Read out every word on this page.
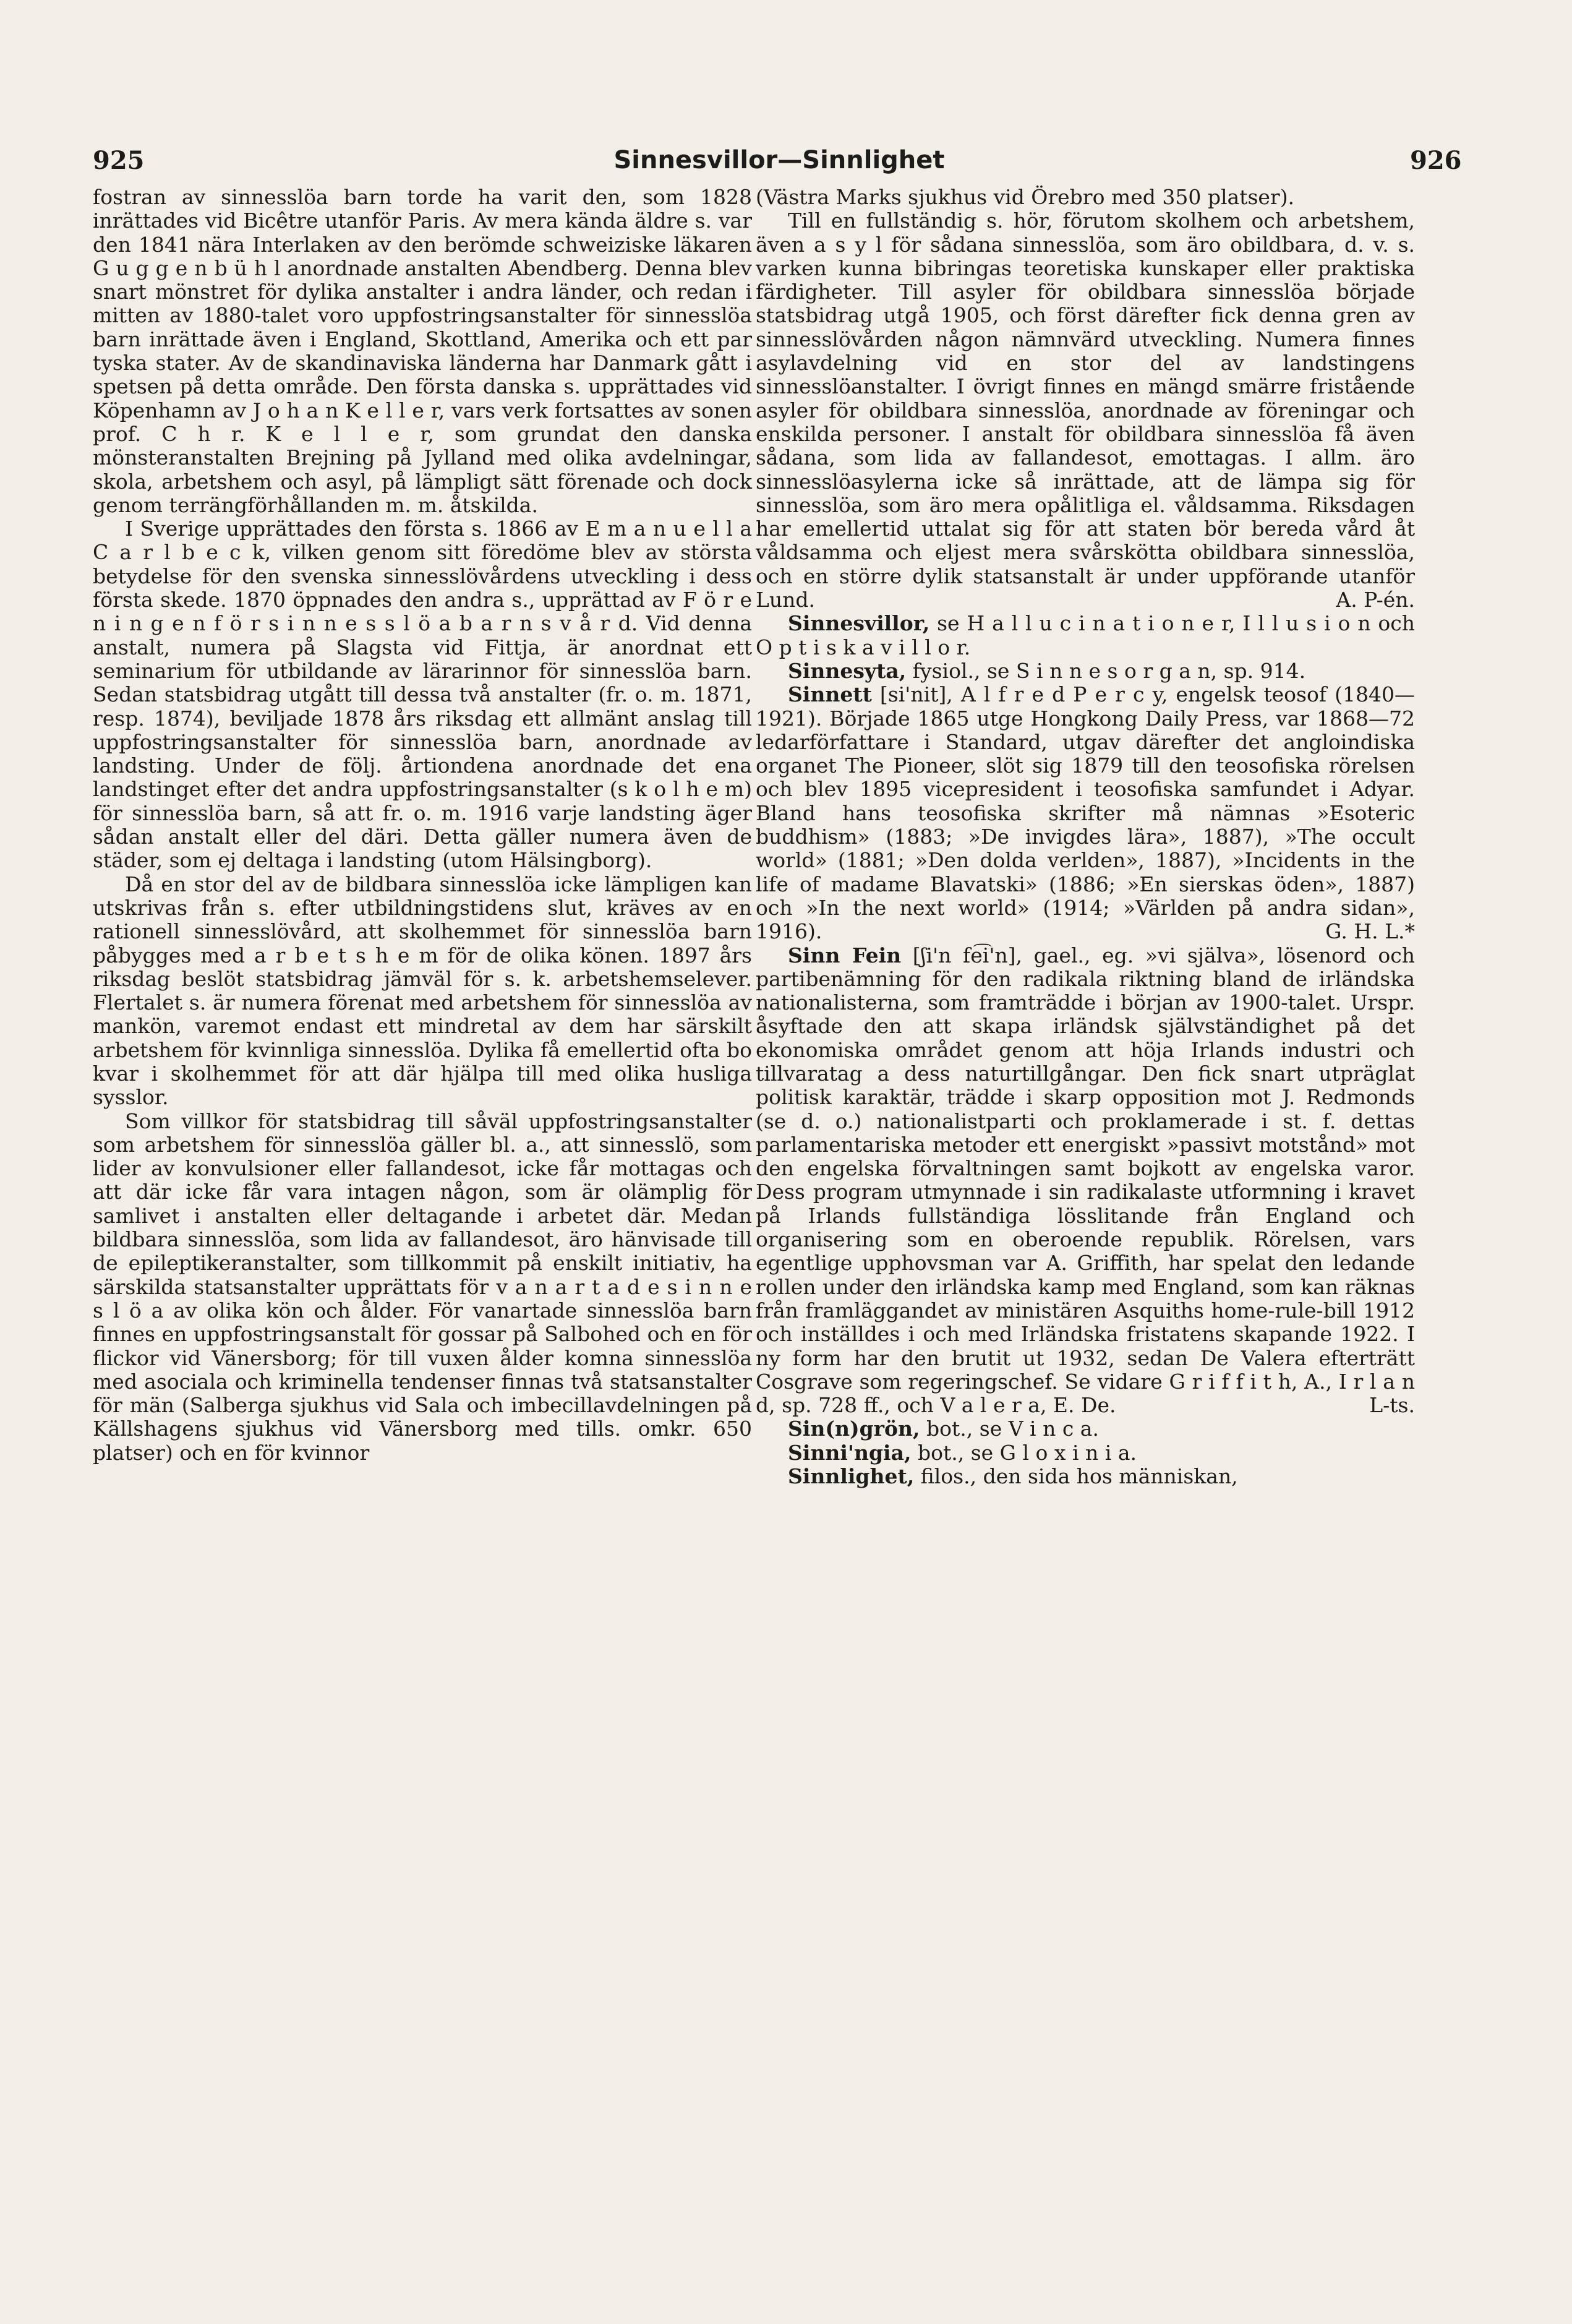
925	Sinnesvillor—Sinnlighet	926

fostran av sinnesslöa barn torde ha varit den, som 1828 inrättades vid Bicêtre utanför Paris. Av mera kända äldre s. var den 1841 nära Interlaken av den berömde schweiziske läkaren G u g g e n b ü h l anordnade anstalten Abendberg. Denna blev snart mönstret för dylika anstalter i andra länder, och redan i mitten av 1880-talet voro uppfostringsanstalter för sinnesslöa barn inrättade även i England, Skottland, Amerika och ett par tyska stater. Av de skandinaviska länderna har Danmark gått i spetsen på detta område. Den första danska s. upprättades vid Köpenhamn av J o h a n K e l l e r, vars verk fortsattes av sonen prof. C h r. K e l l e r, som grundat den danska mönsteranstalten Brejning på Jylland med olika avdelningar, skola, arbetshem och asyl, på lämpligt sätt förenade och dock genom terrängförhållanden m. m. åtskilda.

I Sverige upprättades den första s. 1866 av E m a n u e l l a C a r l b e c k, vilken genom sitt föredöme blev av största betydelse för den svenska sinnesslövårdens utveckling i dess första skede. 1870 öppnades den andra s., upprättad av F ö r e n i n g e n f ö r s i n n e s s l ö a b a r n s v å r d. Vid denna anstalt, numera på Slagsta vid Fittja, är anordnat ett seminarium för utbildande av lärarinnor för sinnesslöa barn. Sedan statsbidrag utgått till dessa två anstalter (fr. o. m. 1871, resp. 1874), beviljade 1878 års riksdag ett allmänt anslag till uppfostringsanstalter för sinnesslöa barn, anordnade av landsting. Under de följ. årtiondena anordnade det ena landstinget efter det andra uppfostringsanstalter (s k o l h e m) för sinnesslöa barn, så att fr. o. m. 1916 varje landsting äger sådan anstalt eller del däri. Detta gäller numera även de städer, som ej deltaga i landsting (utom Hälsingborg).

Då en stor del av de bildbara sinnesslöa icke lämpligen kan utskrivas från s. efter utbildningstidens slut, kräves av en rationell sinnesslövård, att skolhemmet för sinnesslöa barn påbygges med a r b e t s h e m för de olika könen. 1897 års riksdag beslöt statsbidrag jämväl för s. k. arbetshemselever. Flertalet s. är numera förenat med arbetshem för sinnesslöa av mankön, varemot endast ett mindretal av dem har särskilt arbetshem för kvinnliga sinnesslöa. Dylika få emellertid ofta bo kvar i skolhemmet för att där hjälpa till med olika husliga sysslor.

Som villkor för statsbidrag till såväl uppfostringsanstalter som arbetshem för sinnesslöa gäller bl. a., att sinnesslö, som lider av konvulsioner eller fallandesot, icke får mottagas och att där icke får vara intagen någon, som är olämplig för samlivet i anstalten eller deltagande i arbetet där. Medan bildbara sinnesslöa, som lida av fallandesot, äro hänvisade till de epileptikeranstalter, som tillkommit på enskilt initiativ, ha särskilda statsanstalter upprättats för v a n a r t a d e s i n n e s l ö a av olika kön och ålder. För vanartade sinnesslöa barn finnes en uppfostringsanstalt för gossar på Salbohed och en för flickor vid Vänersborg; för till vuxen ålder komna sinnesslöa med asociala och kriminella tendenser finnas två statsanstalter för män (Salberga sjukhus vid Sala och imbecillavdelningen på Källshagens sjukhus vid Vänersborg med tills. omkr. 650 platser) och en för kvinnor

(Västra Marks sjukhus vid Örebro med 350 platser).

Till en fullständig s. hör, förutom skolhem och arbetshem, även a s y l för sådana sinnesslöa, som äro obildbara, d. v. s. varken kunna bibringas teoretiska kunskaper eller praktiska färdigheter. Till asyler för obildbara sinnesslöa började statsbidrag utgå 1905, och först därefter fick denna gren av sinnesslövården någon nämnvärd utveckling. Numera finnes asylavdelning vid en stor del av landstingens sinnesslöanstalter. I övrigt finnes en mängd smärre fristående asyler för obildbara sinnesslöa, anordnade av föreningar och enskilda personer. I anstalt för obildbara sinnesslöa få även sådana, som lida av fallandesot, emottagas. I allm. äro sinnesslöasylerna icke så inrättade, att de lämpa sig för sinnesslöa, som äro mera opålitliga el. våldsamma. Riksdagen har emellertid uttalat sig för att staten bör bereda vård åt våldsamma och eljest mera svårskötta obildbara sinnesslöa, och en större dylik statsanstalt är under uppförande utanför Lund.	A. P-én.

Sinnesvillor, se H a l l u c i n a t i o n e r, I l l u s i o n och O p t i s k a v i l l o r.

Sinnesyta, fysiol., se S i n n e s o r g a n, sp. 914.

Sinnett [si'nit], A l f r e d P e r c y, engelsk teosof (1840—1921). Började 1865 utge Hongkong Daily Press, var 1868—72 ledarförfattare i Standard, utgav därefter det angloindiska organet The Pioneer, slöt sig 1879 till den teosofiska rörelsen och blev 1895 vicepresident i teosofiska samfundet i Adyar. Bland hans teosofiska skrifter må nämnas »Esoteric buddhism» (1883; »De invigdes lära», 1887), »The occult world» (1881; »Den dolda verlden», 1887), »Incidents in the life of madame Blavatski» (1886; »En sierskas öden», 1887) och »In the next world» (1914; »Världen på andra sidan», 1916).	G. H. L.*

Sinn Fein [ʃi'n fe͡i'n], gael., eg. »vi själva», lösenord och partibenämning för den radikala riktning bland de irländska nationalisterna, som framträdde i början av 1900-talet. Urspr. åsyftade den att skapa irländsk självständighet på det ekonomiska området genom att höja Irlands industri och tillvaratag a dess naturtillgångar. Den fick snart utpräglat politisk karaktär, trädde i skarp opposition mot J. Redmonds (se d. o.) nationalistparti och proklamerade i st. f. dettas parlamentariska metoder ett energiskt »passivt motstånd» mot den engelska förvaltningen samt bojkott av engelska varor. Dess program utmynnade i sin radikalaste utformning i kravet på Irlands fullständiga lösslitande från England och organisering som en oberoende republik. Rörelsen, vars egentlige upphovsman var A. Griffith, har spelat den ledande rollen under den irländska kamp med England, som kan räknas från framläggandet av ministären Asquiths home-rule-bill 1912 och inställdes i och med Irländska fristatens skapande 1922. I ny form har den brutit ut 1932, sedan De Valera efterträtt Cosgrave som regeringschef. Se vidare G r i f f i t h, A., I r l a n d, sp. 728 ff., och V a l e r a, E. De.	L-ts.

Sin(n)grön, bot., se V i n c a.

Sinni'ngia, bot., se G l o x i n i a.

Sinnlighet, filos., den sida hos människan,
